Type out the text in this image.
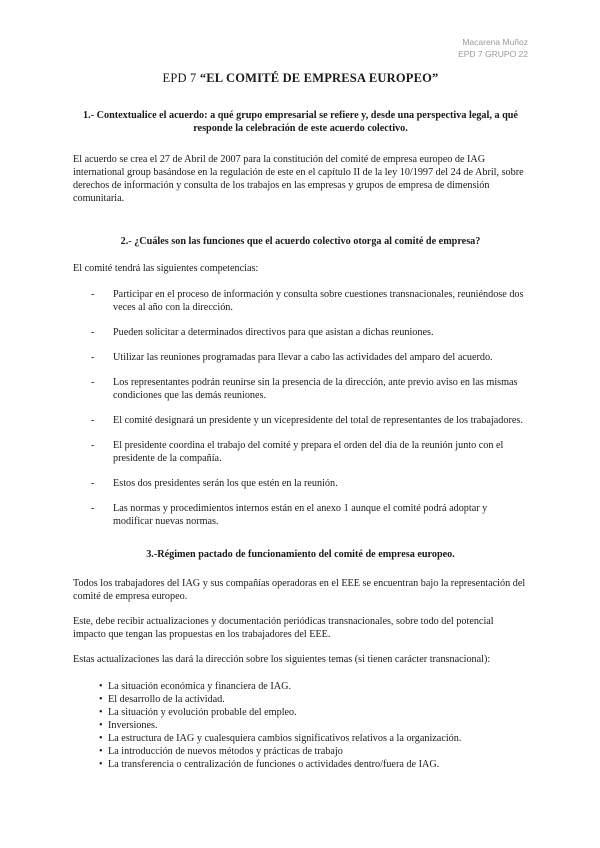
Macarena Muñoz
EPD 7 GRUPO 22
EPD 7 “EL COMITÉ DE EMPRESA EUROPEO”
1.- Contextualice el acuerdo: a qué grupo empresarial se refiere y, desde una perspectiva legal, a qué responde la celebración de este acuerdo colectivo.
El acuerdo se crea el 27 de Abril de 2007 para la constitución del comité de empresa europeo de IAG international group basándose en la regulación de este en el capítulo II de la ley 10/1997 del 24 de Abril, sobre derechos de información y consulta de los trabajos en las empresas y grupos de empresa de dimensión comunitaria.
2.- ¿Cuáles son las funciones que el acuerdo colectivo otorga al comité de empresa?
El comité tendrá las siguientes competencias:
- Participar en el proceso de información y consulta sobre cuestiones transnacionales, reuniéndose dos veces al año con la dirección.
- Pueden solicitar a determinados directivos para que asistan a dichas reuniones.
- Utilizar las reuniones programadas para llevar a cabo las actividades del amparo del acuerdo.
- Los representantes podrán reunirse sin la presencia de la dirección, ante previo aviso en las mismas condiciones que las demás reuniones.
- El comité designará un presidente y un vicepresidente del total de representantes de los trabajadores.
- El presidente coordina el trabajo del comité y prepara el orden del día de la reunión junto con el presidente de la compañía.
- Estos dos presidentes serán los que estén en la reunión.
- Las normas y procedimientos internos están en el anexo 1 aunque el comité podrá adoptar y modificar nuevas normas.
3.-Régimen pactado de funcionamiento del comité de empresa europeo.
Todos los trabajadores del IAG y sus compañías operadoras en el EEE se encuentran bajo la representación del comité de empresa europeo.
Este, debe recibir actualizaciones y documentación periódicas transnacionales, sobre todo del potencial impacto que tengan las propuestas en los trabajadores del EEE.
Estas actualizaciones las dará la dirección sobre los siguientes temas (si tienen carácter transnacional):
• La situación económica y financiera de IAG.
• El desarrollo de la actividad.
• La situación y evolución probable del empleo.
• Inversiones.
• La estructura de IAG y cualesquiera cambios significativos relativos a la organización.
• La introducción de nuevos métodos y prácticas de trabajo
• La transferencia o centralización de funciones o actividades dentro/fuera de IAG.
